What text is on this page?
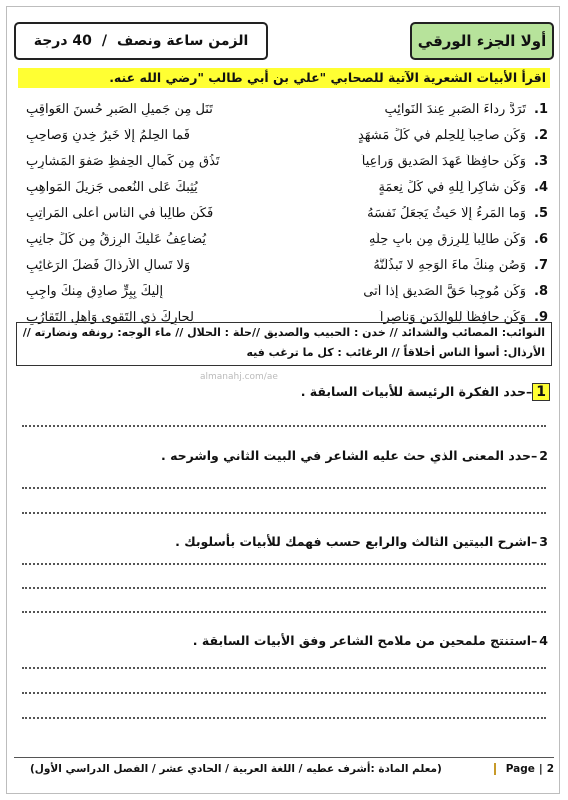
أولا الجزء الورقي
الزمن ساعة ونصف
/
40 درجة
اقرأ الأبيات الشعرية الآتية للصحابي "علي بن أبي طالب "رضي الله عنه.
1.
تَرَدَّ رداءَ الصَبرِ عِندَ النَوائِبِ
تَنَل مِن جَميلِ الصَبرِ حُسنَ العَواقِبِ
2.
وَكُن صاحِباً لِلحِلمِ في كُلِّ مَشهَدٍ
فَما الحِلمُ إِلّا خَيرُ خِدنٍ وَصاحِبِ
3.
وَكُن حافِظاً عَهدَ الصَديقِ وَراعِياً
تَذُق مِن كَمالِ الحِفظِ صَفوَ المَشارِبِ
4.
وَكُن شاكِراً لِلَّهِ في كُلِّ نِعمَةٍ
يُثِبكَ عَلى النُعمى جَزيلَ المَواهِبِ
5.
وَما المَرءُ إِلّا حَيثُ يَجعَلُ نَفسَهُ
فَكُن طالِباً في الناسِ أَعلى المَراتِبِ
6.
وَكُن طالِباً لِلرِزقِ مِن بابِ حِلِّهِ
يُضاعِفُ عَلَيكَ الرِزقُ مِن كُلِّ جانِبِ
7.
وَصُن مِنكَ ماءَ الوَجهِ لا تَبذُلَنَّهُ
وَلا تَسأَلِ الأَرذالَ فَضلَ الرَغائِبِ
8.
وَكُن مُوجِباً حَقَّ الصَديقِ إِذا أَتى
إِلَيكَ بِبِرٍّ صادِقٍ مِنكَ واجِبِ
9.
وَكُن حافِظاً لِلوالِدَينِ وَناصِراً
لِجارِكَ ذي التَقوى وَأَهلِ التَقارُبِ
النوائب: المصائب والشدائد // خدن : الحبيب والصديق //حلة : الحلال // ماء الوجه: رونقه ونضارته //
الأرذال: أسوأ الناس أخلاقاً // الرغائب : كل ما ترغب فيه
almanahj.com/ae
1–حدد الفكرة الرئيسة للأبيات السابقة .
2–حدد المعنى الذي حث عليه الشاعر في البيت الثاني واشرحه .
3–اشرح البيتين الثالث والرابع حسب فهمك للأبيات بأسلوبك .
4–استنتج ملمحين من ملامح الشاعر وفق الأبيات السابقة .
2
|
Page
(معلم المادة :أشرف عطيه / اللغة العربية / الحادي عشر / الفصل الدراسي الأول)
